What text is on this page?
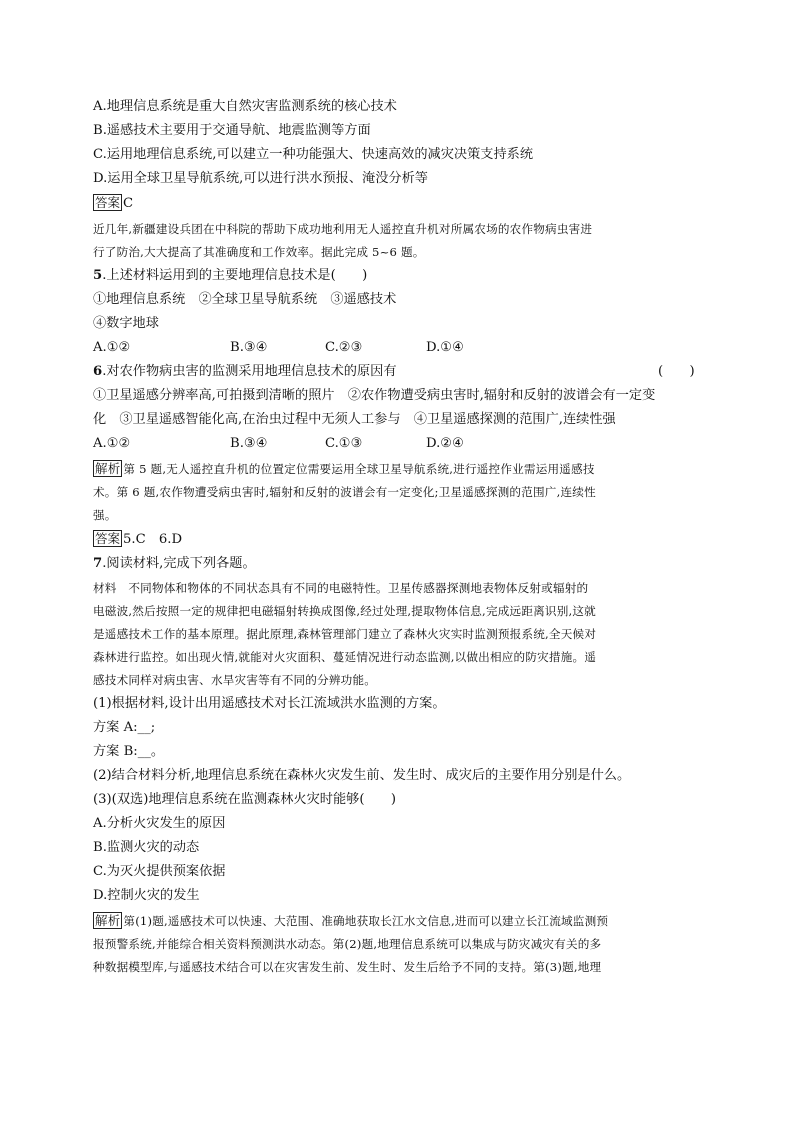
A.地理信息系统是重大自然灾害监测系统的核心技术
B.遥感技术主要用于交通导航、地震监测等方面
C.运用地理信息系统,可以建立一种功能强大、快速高效的减灾决策支持系统
D.运用全球卫星导航系统,可以进行洪水预报、淹没分析等
答案 C
近几年,新疆建设兵团在中科院的帮助下成功地利用无人遥控直升机对所属农场的农作物病虫害进
行了防治,大大提高了其准确度和工作效率。据此完成 5~6 题。
5.上述材料运用到的主要地理信息技术是(　　)
①地理信息系统　②全球卫星导航系统　③遥感技术
④数字地球
A.①②	B.③④	C.②③	D.①④
6.对农作物病虫害的监测采用地理信息技术的原因有	(　　)
①卫星遥感分辨率高,可拍摄到清晰的照片　②农作物遭受病虫害时,辐射和反射的波谱会有一定变
化　③卫星遥感智能化高,在治虫过程中无须人工参与　④卫星遥感探测的范围广,连续性强
A.①②	B.③④	C.①③	D.②④
解析 第 5 题,无人遥控直升机的位置定位需要运用全球卫星导航系统,进行遥控作业需运用遥感技
术。第 6 题,农作物遭受病虫害时,辐射和反射的波谱会有一定变化;卫星遥感探测的范围广,连续性
强。
答案 5.C　6.D
7.阅读材料,完成下列各题。
材料　不同物体和物体的不同状态具有不同的电磁特性。卫星传感器探测地表物体反射或辐射的
电磁波,然后按照一定的规律把电磁辐射转换成图像,经过处理,提取物体信息,完成远距离识别,这就
是遥感技术工作的基本原理。据此原理,森林管理部门建立了森林火灾实时监测预报系统,全天候对
森林进行监控。如出现火情,就能对火灾面积、蔓延情况进行动态监测,以做出相应的防灾措施。遥
感技术同样对病虫害、水旱灾害等有不同的分辨功能。
(1)根据材料,设计出用遥感技术对长江流域洪水监测的方案。
方案 A:__;
方案 B:__。
(2)结合材料分析,地理信息系统在森林火灾发生前、发生时、成灾后的主要作用分别是什么。
(3)(双选)地理信息系统在监测森林火灾时能够(　　)
A.分析火灾发生的原因
B.监测火灾的动态
C.为灭火提供预案依据
D.控制火灾的发生
解析 第(1)题,遥感技术可以快速、大范围、准确地获取长江水文信息,进而可以建立长江流域监测预
报预警系统,并能综合相关资料预测洪水动态。第(2)题,地理信息系统可以集成与防灾减灾有关的多
种数据模型库,与遥感技术结合可以在灾害发生前、发生时、发生后给予不同的支持。第(3)题,地理
